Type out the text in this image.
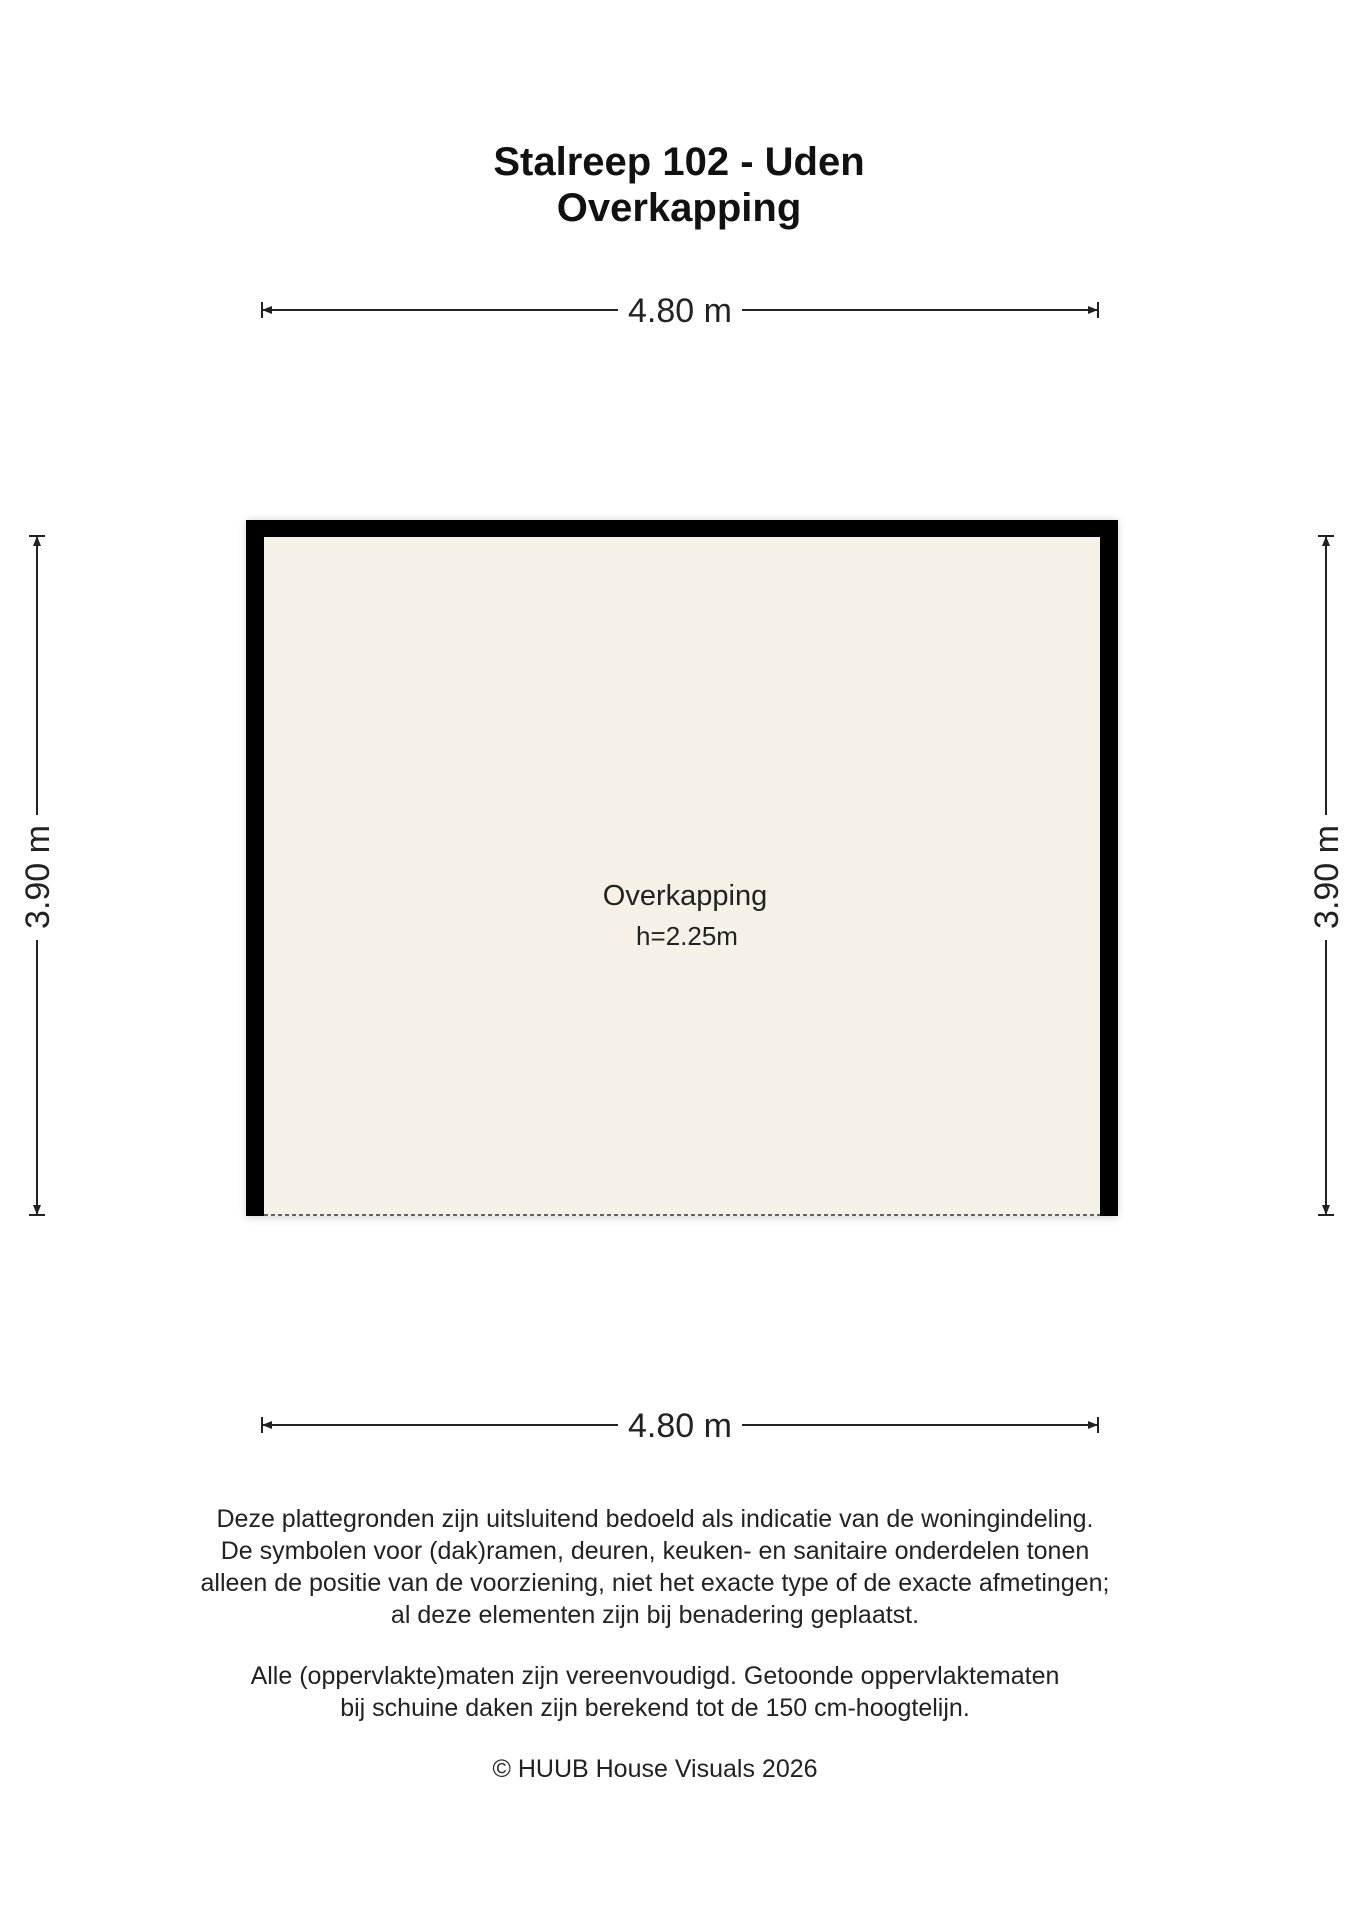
Stalreep 102 - Uden
Overkapping
4.80 m
4.80 m
3.90 m	3.90 m
Overkapping
h=2.25m
Deze plattegronden zijn uitsluitend bedoeld als indicatie van de woningindeling.
De symbolen voor (dak)ramen, deuren, keuken- en sanitaire onderdelen tonen
alleen de positie van de voorziening, niet het exacte type of de exacte afmetingen;
al deze elementen zijn bij benadering geplaatst.
Alle (oppervlakte)maten zijn vereenvoudigd. Getoonde oppervlaktematen
bij schuine daken zijn berekend tot de 150 cm-hoogtelijn.
© HUUB House Visuals 2026
